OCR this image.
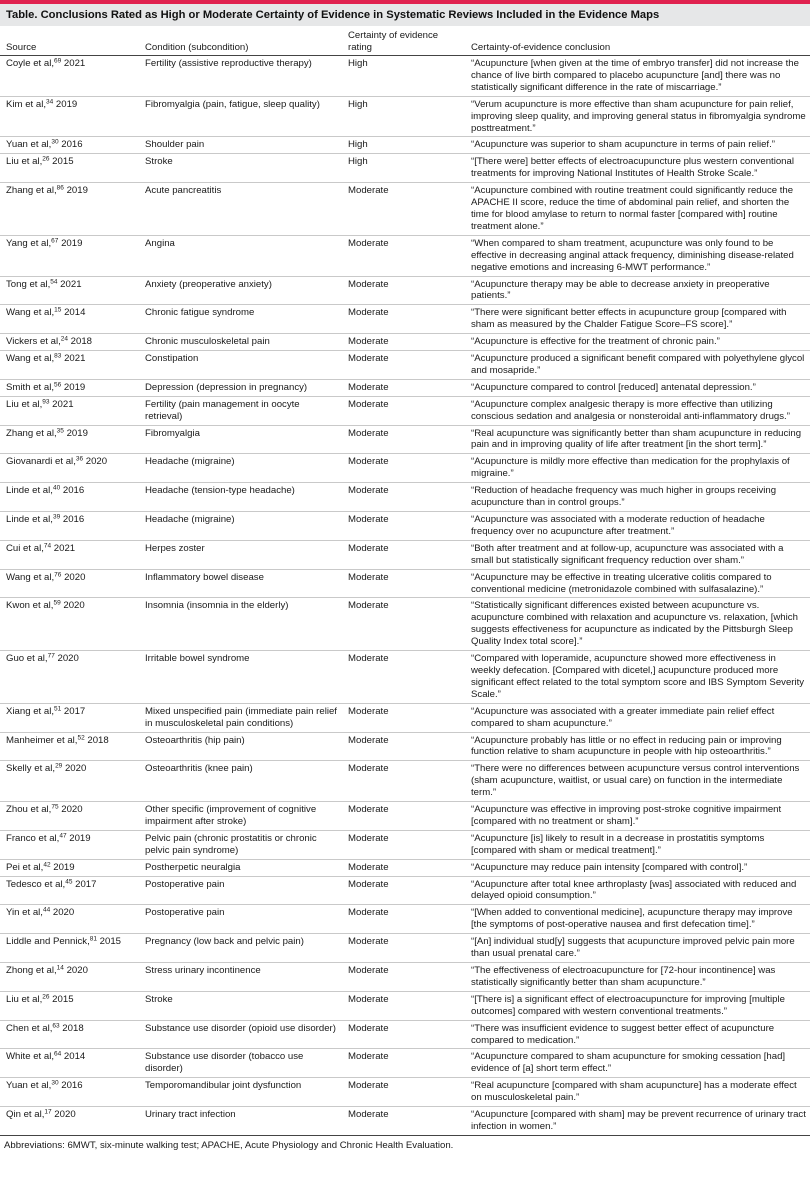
Table. Conclusions Rated as High or Moderate Certainty of Evidence in Systematic Reviews Included in the Evidence Maps
Source	Condition (subcondition)	Certainty of evidence rating	Certainty-of-evidence conclusion
Coyle et al,$^{69}$ 2021	Fertility (assistive reproductive therapy)	High	“Acupuncture [when given at the time of embryo transfer] did not increase the chance of live birth compared to placebo acupuncture [and] there was no statistically significant difference in the rate of miscarriage.”
Kim et al,$^{34}$ 2019	Fibromyalgia (pain, fatigue, sleep quality)	High	“Verum acupuncture is more effective than sham acupuncture for pain relief, improving sleep quality, and improving general status in fibromyalgia syndrome posttreatment.”
Yuan et al,$^{30}$ 2016	Shoulder pain	High	“Acupuncture was superior to sham acupuncture in terms of pain relief.”
Liu et al,$^{26}$ 2015	Stroke	High	“[There were] better effects of electroacupuncture plus western conventional treatments for improving National Institutes of Health Stroke Scale.”
Zhang et al,$^{86}$ 2019	Acute pancreatitis	Moderate	“Acupuncture combined with routine treatment could significantly reduce the APACHE II score, reduce the time of abdominal pain relief, and shorten the time for blood amylase to return to normal faster [compared with] routine treatment alone.”
Yang et al,$^{67}$ 2019	Angina	Moderate	“When compared to sham treatment, acupuncture was only found to be effective in decreasing anginal attack frequency, diminishing disease-related negative emotions and increasing 6-MWT performance.”
Tong et al,$^{54}$ 2021	Anxiety (preoperative anxiety)	Moderate	“Acupuncture therapy may be able to decrease anxiety in preoperative patients.”
Wang et al,$^{15}$ 2014	Chronic fatigue syndrome	Moderate	“There were significant better effects in acupuncture group [compared with sham as measured by the Chalder Fatigue Score–FS score].”
Vickers et al,$^{24}$ 2018	Chronic musculoskeletal pain	Moderate	“Acupuncture is effective for the treatment of chronic pain.”
Wang et al,$^{83}$ 2021	Constipation	Moderate	“Acupuncture produced a significant benefit compared with polyethylene glycol and mosapride.”
Smith et al,$^{56}$ 2019	Depression (depression in pregnancy)	Moderate	“Acupuncture compared to control [reduced] antenatal depression.”
Liu et al,$^{93}$ 2021	Fertility (pain management in oocyte retrieval)	Moderate	“Acupuncture complex analgesic therapy is more effective than utilizing conscious sedation and analgesia or nonsteroidal anti-inflammatory drugs.”
Zhang et al,$^{35}$ 2019	Fibromyalgia	Moderate	“Real acupuncture was significantly better than sham acupuncture in reducing pain and in improving quality of life after treatment [in the short term].”
Giovanardi et al,$^{36}$ 2020	Headache (migraine)	Moderate	“Acupuncture is mildly more effective than medication for the prophylaxis of migraine.”
Linde et al,$^{40}$ 2016	Headache (tension-type headache)	Moderate	“Reduction of headache frequency was much higher in groups receiving acupuncture than in control groups.”
Linde et al,$^{39}$ 2016	Headache (migraine)	Moderate	“Acupuncture was associated with a moderate reduction of headache frequency over no acupuncture after treatment.”
Cui et al,$^{74}$ 2021	Herpes zoster	Moderate	“Both after treatment and at follow-up, acupuncture was associated with a small but statistically significant frequency reduction over sham.”
Wang et al,$^{76}$ 2020	Inflammatory bowel disease	Moderate	“Acupuncture may be effective in treating ulcerative colitis compared to conventional medicine (metronidazole combined with sulfasalazine).”
Kwon et al,$^{59}$ 2020	Insomnia (insomnia in the elderly)	Moderate	“Statistically significant differences existed between acupuncture vs. acupuncture combined with relaxation and acupuncture vs. relaxation, [which suggests effectiveness for acupuncture as indicated by the Pittsburgh Sleep Quality Index total score].”
Guo et al,$^{77}$ 2020	Irritable bowel syndrome	Moderate	“Compared with loperamide, acupuncture showed more effectiveness in weekly defecation. [Compared with dicetel,] acupuncture produced more significant effect related to the total symptom score and IBS Symptom Severity Scale.”
Xiang et al,$^{51}$ 2017	Mixed unspecified pain (immediate pain relief in musculoskeletal pain conditions)	Moderate	“Acupuncture was associated with a greater immediate pain relief effect compared to sham acupuncture.”
Manheimer et al,$^{52}$ 2018	Osteoarthritis (hip pain)	Moderate	“Acupuncture probably has little or no effect in reducing pain or improving function relative to sham acupuncture in people with hip osteoarthritis.”
Skelly et al,$^{29}$ 2020	Osteoarthritis (knee pain)	Moderate	“There were no differences between acupuncture versus control interventions (sham acupuncture, waitlist, or usual care) on function in the intermediate term.”
Zhou et al,$^{75}$ 2020	Other specific (improvement of cognitive impairment after stroke)	Moderate	“Acupuncture was effective in improving post-stroke cognitive impairment [compared with no treatment or sham].”
Franco et al,$^{47}$ 2019	Pelvic pain (chronic prostatitis or chronic pelvic pain syndrome)	Moderate	“Acupuncture [is] likely to result in a decrease in prostatitis symptoms [compared with sham or medical treatment].”
Pei et al,$^{42}$ 2019	Postherpetic neuralgia	Moderate	“Acupuncture may reduce pain intensity [compared with control].”
Tedesco et al,$^{45}$ 2017	Postoperative pain	Moderate	“Acupuncture after total knee arthroplasty [was] associated with reduced and delayed opioid consumption.”
Yin et al,$^{44}$ 2020	Postoperative pain	Moderate	“[When added to conventional medicine], acupuncture therapy may improve [the symptoms of post-operative nausea and first defecation time].”
Liddle and Pennick,$^{81}$ 2015	Pregnancy (low back and pelvic pain)	Moderate	“[An] individual stud[y] suggests that acupuncture improved pelvic pain more than usual prenatal care.”
Zhong et al,$^{14}$ 2020	Stress urinary incontinence	Moderate	“The effectiveness of electroacupuncture for [72-hour incontinence] was statistically significantly better than sham acupuncture.”
Liu et al,$^{26}$ 2015	Stroke	Moderate	“[There is] a significant effect of electroacupuncture for improving [multiple outcomes] compared with western conventional treatments.”
Chen et al,$^{63}$ 2018	Substance use disorder (opioid use disorder)	Moderate	“There was insufficient evidence to suggest better effect of acupuncture compared to medication.”
White et al,$^{64}$ 2014	Substance use disorder (tobacco use disorder)	Moderate	“Acupuncture compared to sham acupuncture for smoking cessation [had] evidence of [a] short term effect.”
Yuan et al,$^{30}$ 2016	Temporomandibular joint dysfunction	Moderate	“Real acupuncture [compared with sham acupuncture] has a moderate effect on musculoskeletal pain.”
Qin et al,$^{17}$ 2020	Urinary tract infection	Moderate	“Acupuncture [compared with sham] may be prevent recurrence of urinary tract infection in women.”
Abbreviations: 6MWT, six-minute walking test; APACHE, Acute Physiology and Chronic Health Evaluation.
